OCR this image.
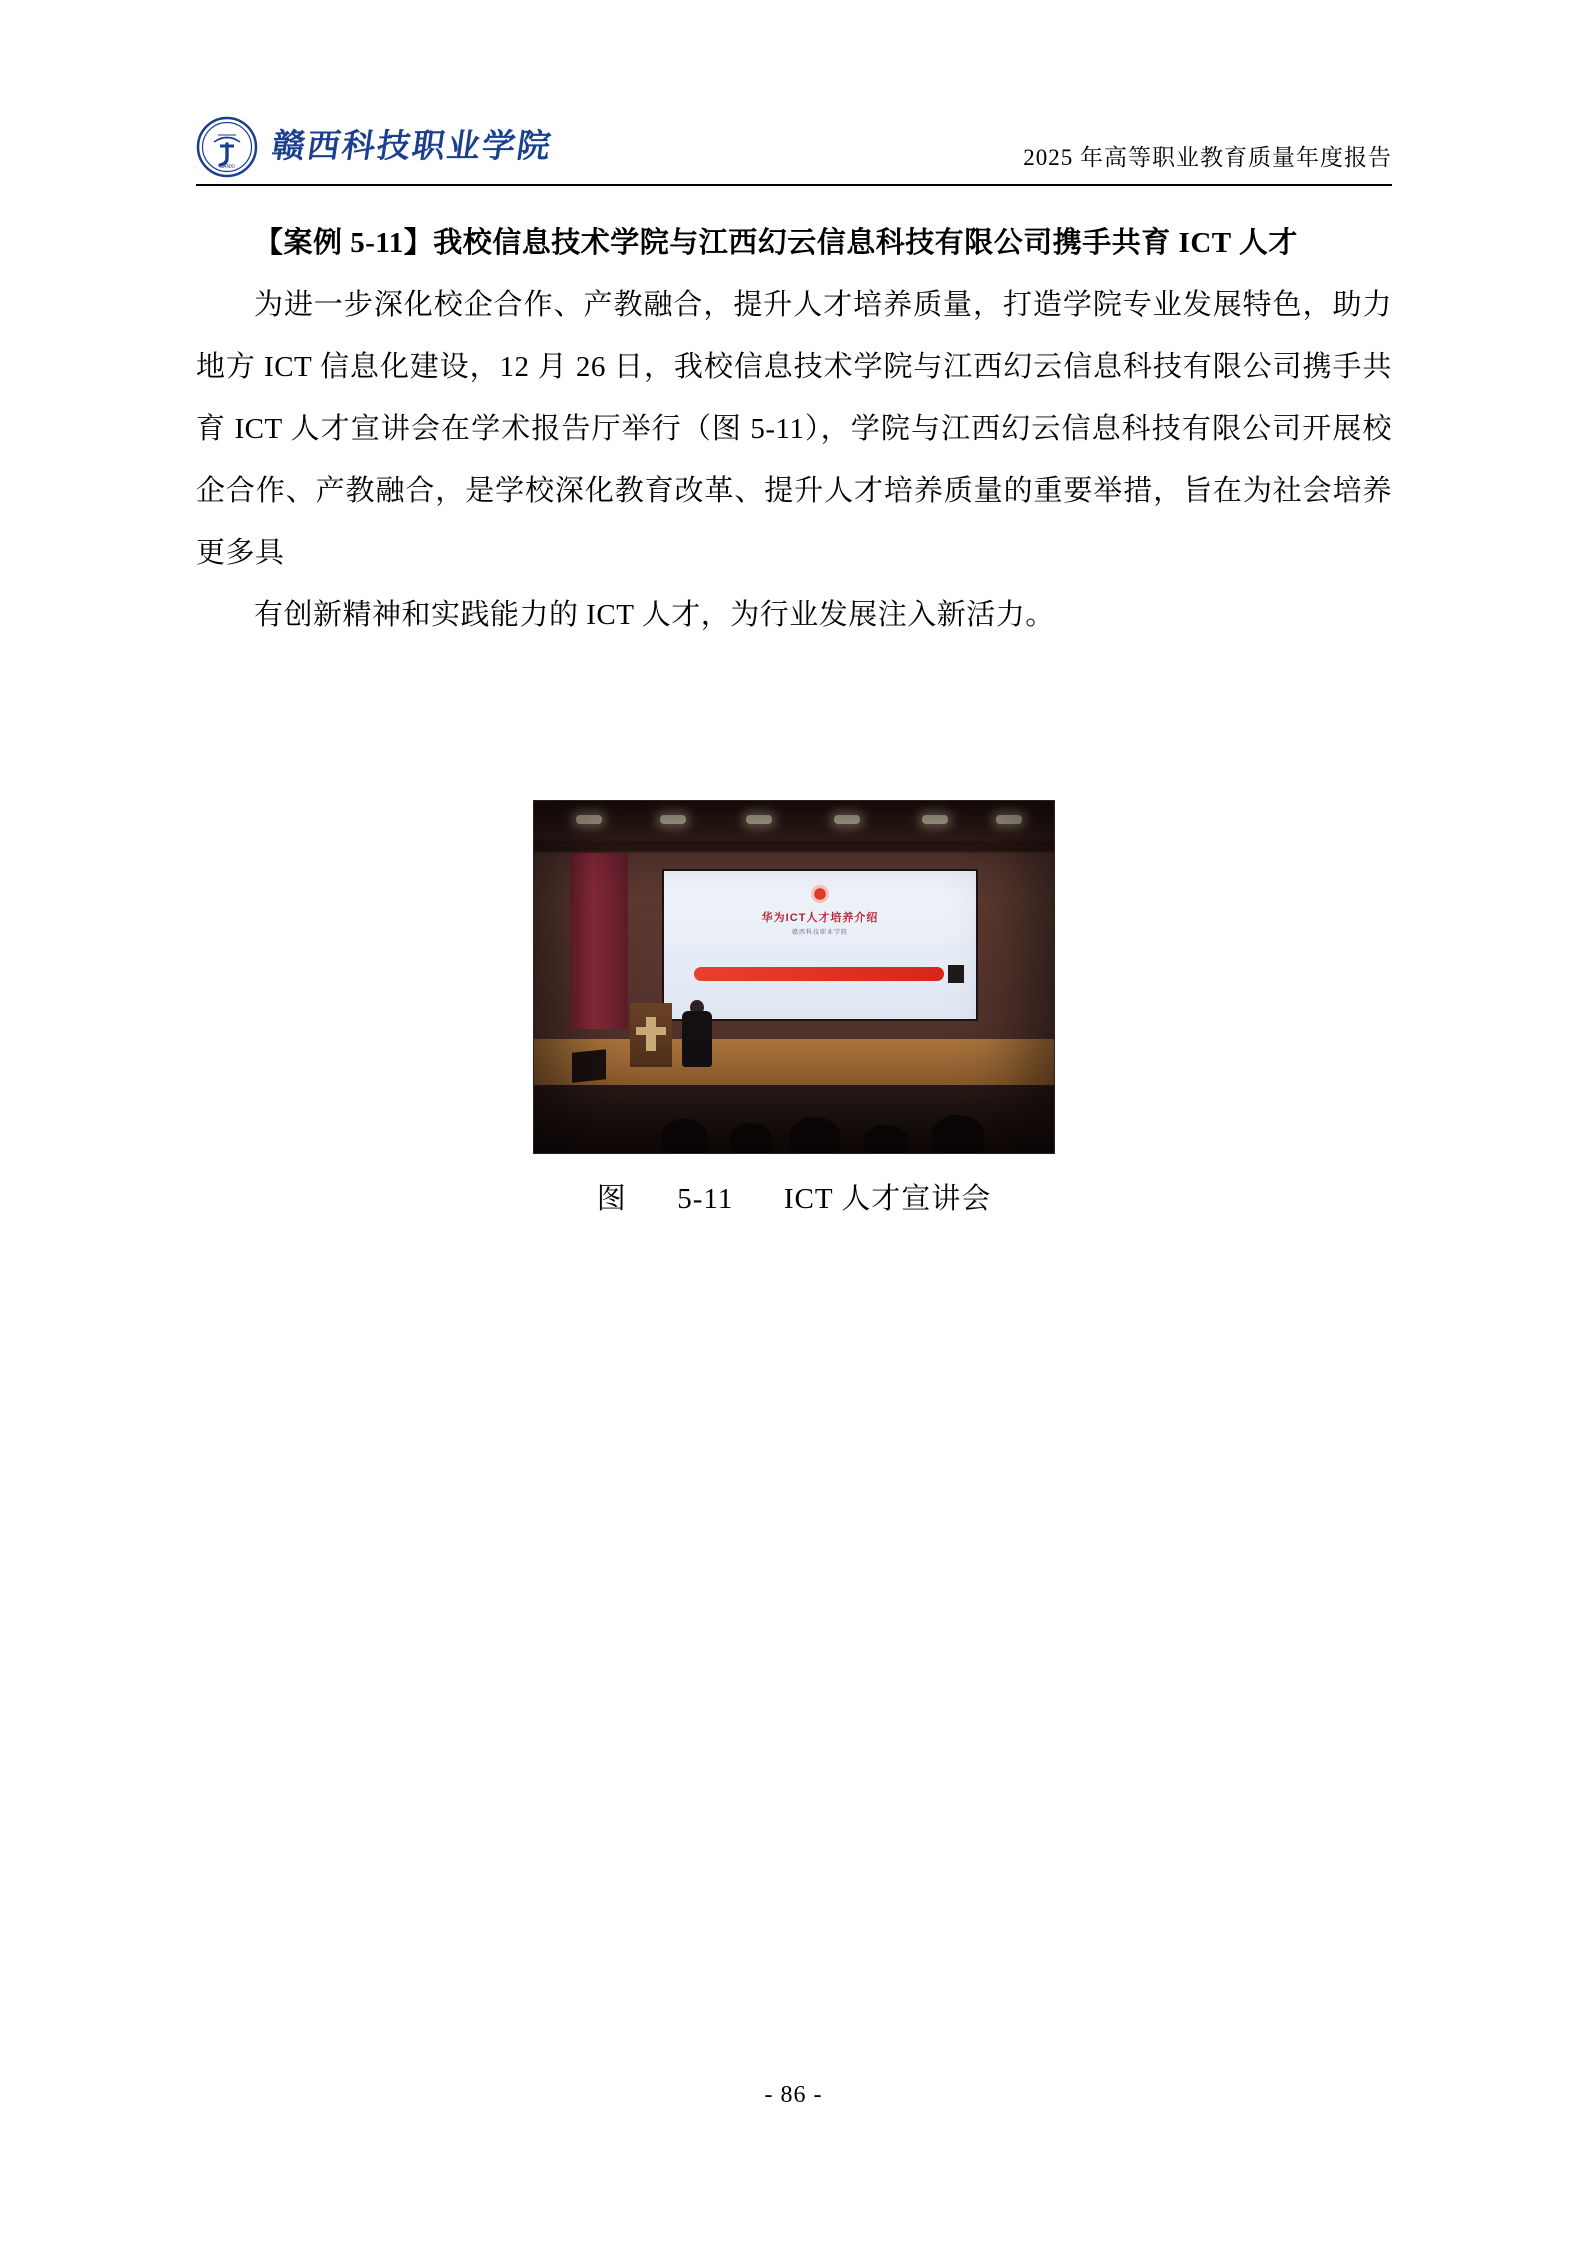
GANXI
赣西科技职业学院	2025 年高等职业教育质量年度报告

【案例 5-11】我校信息技术学院与江西幻云信息科技有限公司携手共育 ICT 人才

为进一步深化校企合作、产教融合，提升人才培养质量，打造学院专业发展特色，助力地方 ICT 信息化建设，12 月 26 日，我校信息技术学院与江西幻云信息科技有限公司携手共育 ICT 人才宣讲会在学术报告厅举行（图 5-11），学院与江西幻云信息科技有限公司开展校企合作、产教融合，是学校深化教育改革、提升人才培养质量的重要举措，旨在为社会培养更多具

有创新精神和实践能力的 ICT 人才，为行业发展注入新活力。

华为ICT人才培养介绍
赣西科技职业学院
图 5-11 ICT 人才宣讲会
- 86 -
